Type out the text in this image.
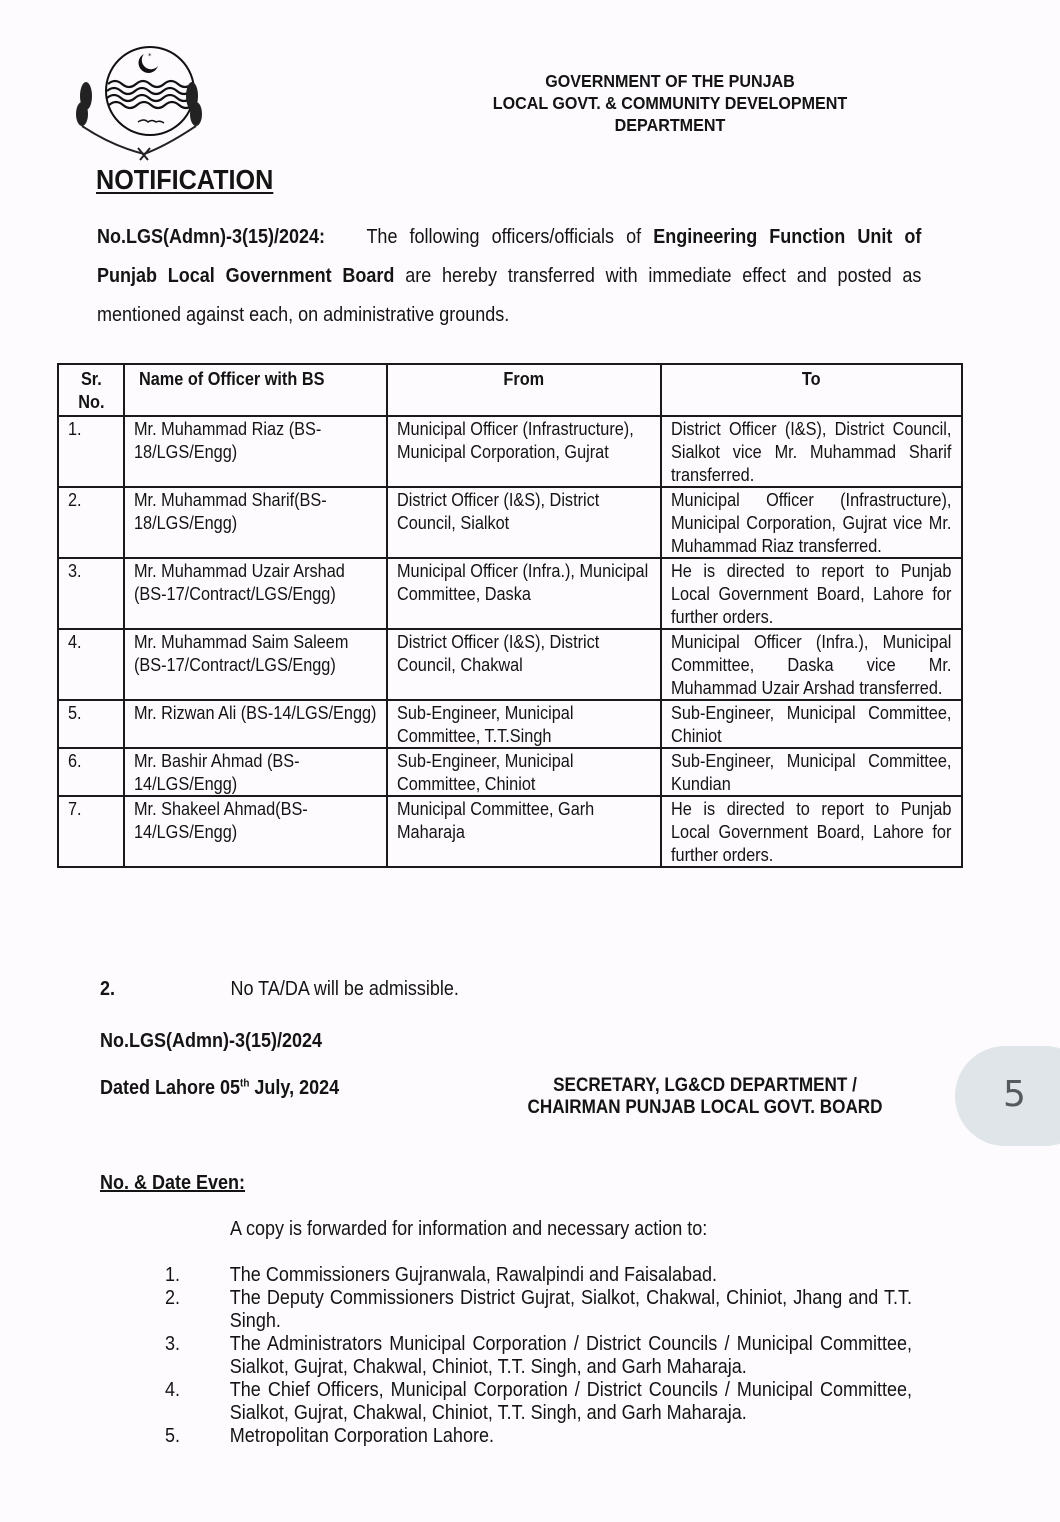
*
GOVERNMENT OF THE PUNJAB
LOCAL GOVT. & COMMUNITY DEVELOPMENT
DEPARTMENT
NOTIFICATION
No.LGS(Admn)-3(15)/2024: The following officers/officials of Engineering Function Unit of Punjab Local Government Board are hereby transferred with immediate effect and posted as mentioned against each, on administrative grounds.
Sr. No.	Name of Officer with BS	From	To

1.	Mr. Muhammad Riaz (BS-18/LGS/Engg)	Municipal Officer (Infrastructure), Municipal Corporation, Gujrat	District Officer (I&S), District Council, Sialkot vice Mr. Muhammad Sharif transferred.

2.	Mr. Muhammad Sharif(BS-18/LGS/Engg)	District Officer (I&S), District Council, Sialkot	Municipal Officer (Infrastructure), Municipal Corporation, Gujrat vice Mr. Muhammad Riaz transferred.

3.	Mr. Muhammad Uzair Arshad (BS-17/Contract/LGS/Engg)	Municipal Officer (Infra.), Municipal Committee, Daska	He is directed to report to Punjab Local Government Board, Lahore for further orders.

4.	Mr. Muhammad Saim Saleem (BS-17/Contract/LGS/Engg)	District Officer (I&S), District Council, Chakwal	Municipal Officer (Infra.), Municipal Committee, Daska vice Mr. Muhammad Uzair Arshad transferred.

5.	Mr. Rizwan Ali (BS-14/LGS/Engg)	Sub-Engineer, Municipal Committee, T.T.Singh	Sub-Engineer, Municipal Committee, Chiniot

6.	Mr. Bashir Ahmad (BS-14/LGS/Engg)	Sub-Engineer, Municipal Committee, Chiniot	Sub-Engineer, Municipal Committee, Kundian

7.	Mr. Shakeel Ahmad(BS-14/LGS/Engg)	Municipal Committee, Garh Maharaja	He is directed to report to Punjab Local Government Board, Lahore for further orders.
2.	No TA/DA will be admissible.
No.LGS(Admn)-3(15)/2024
Dated Lahore 05th July, 2024	SECRETARY, LG&CD DEPARTMENT /
CHAIRMAN PUNJAB LOCAL GOVT. BOARD	5
No. & Date Even:
A copy is forwarded for information and necessary action to:
1.	The Commissioners Gujranwala, Rawalpindi and Faisalabad.
2.	The Deputy Commissioners District Gujrat, Sialkot, Chakwal, Chiniot, Jhang and T.T. Singh.
3.	The Administrators Municipal Corporation / District Councils / Municipal Committee, Sialkot, Gujrat, Chakwal, Chiniot, T.T. Singh, and Garh Maharaja.
4.	The Chief Officers, Municipal Corporation / District Councils / Municipal Committee, Sialkot, Gujrat, Chakwal, Chiniot, T.T. Singh, and Garh Maharaja.
5.	Metropolitan Corporation Lahore.
